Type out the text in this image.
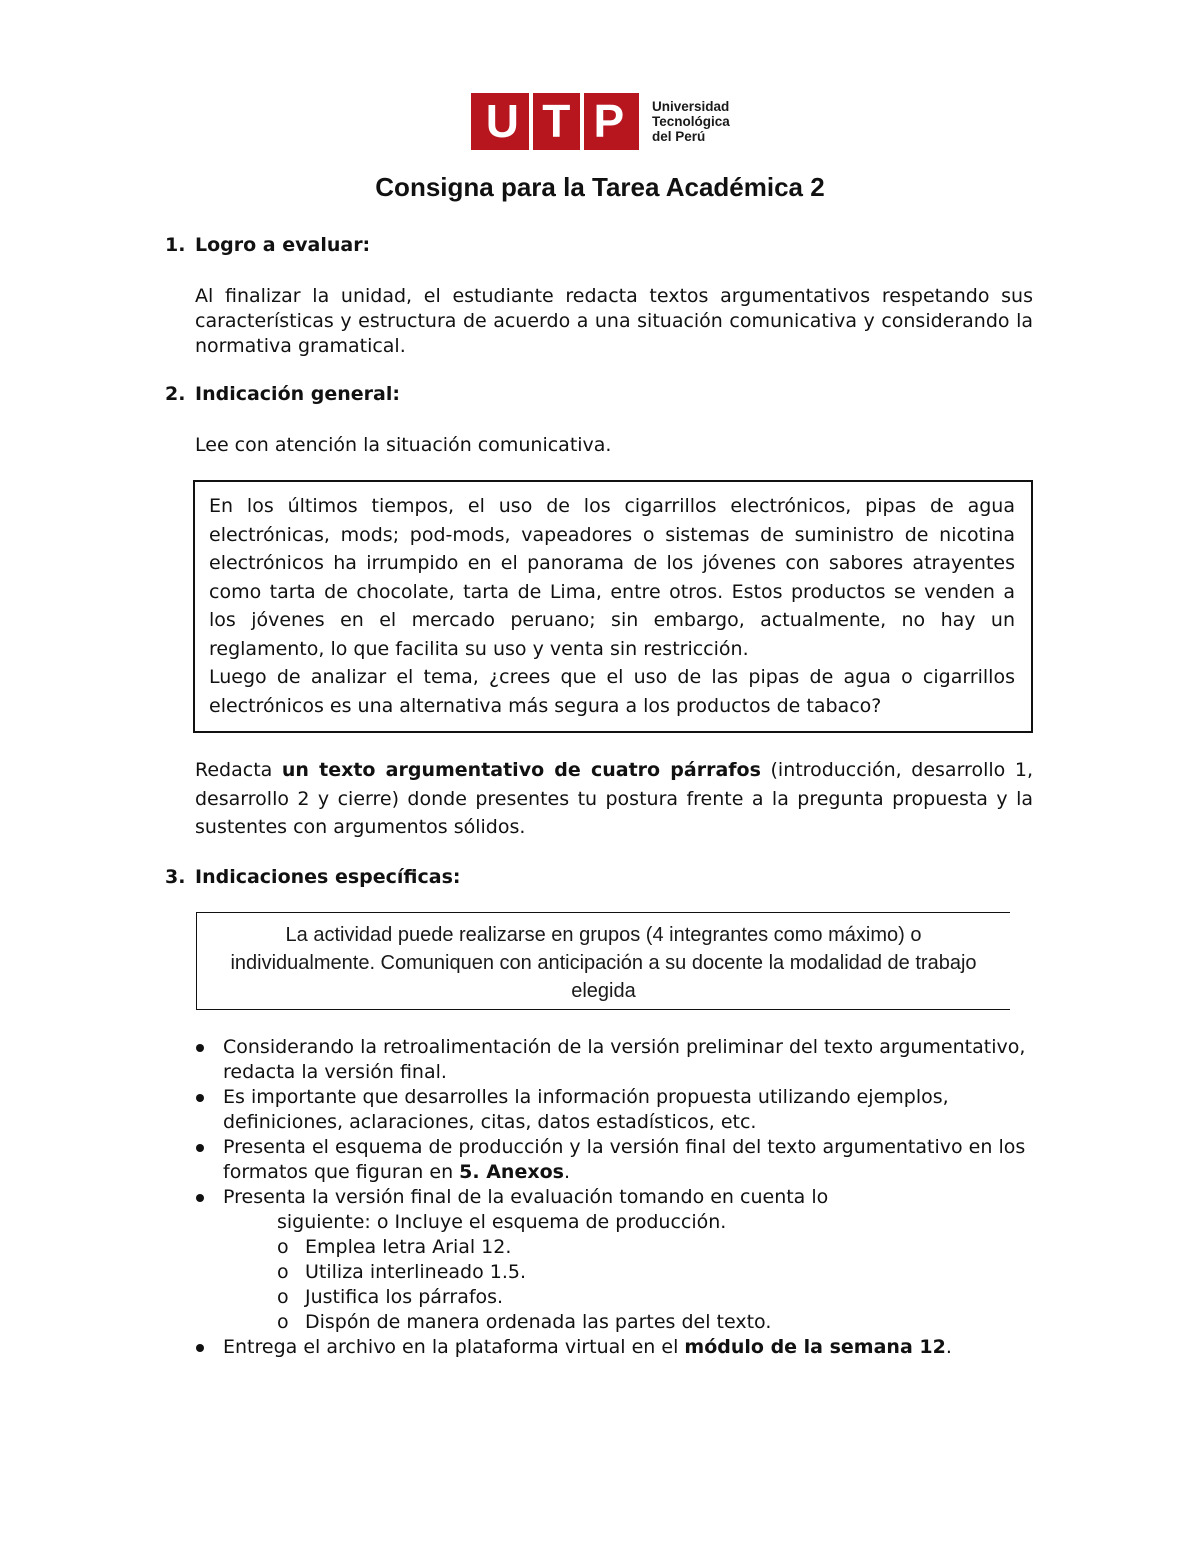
U T P Universidad
Tecnológica
del Perú
Consigna para la Tarea Académica 2
1. Logro a evaluar:
Al finalizar la unidad, el estudiante redacta textos argumentativos respetando sus características y estructura de acuerdo a una situación comunicativa y considerando la normativa gramatical.
2. Indicación general:
Lee con atención la situación comunicativa.

En los últimos tiempos, el uso de los cigarrillos electrónicos, pipas de agua electrónicas, mods; pod-mods, vapeadores o sistemas de suministro de nicotina electrónicos ha irrumpido en el panorama de los jóvenes con sabores atrayentes como tarta de chocolate, tarta de Lima, entre otros. Estos productos se venden a los jóvenes en el mercado peruano; sin embargo, actualmente, no hay un reglamento, lo que facilita su uso y venta sin restricción.

Luego de analizar el tema, ¿crees que el uso de las pipas de agua o cigarrillos electrónicos es una alternativa más segura a los productos de tabaco?

Redacta un texto argumentativo de cuatro párrafos (introducción, desarrollo 1, desarrollo 2 y cierre) donde presentes tu postura frente a la pregunta propuesta y la sustentes con argumentos sólidos.
3. Indicaciones específicas:
La actividad puede realizarse en grupos (4 integrantes como máximo) o individualmente. Comuniquen con anticipación a su docente la modalidad de trabajo elegida
Considerando la retroalimentación de la versión preliminar del texto argumentativo, redacta la versión final.
Es importante que desarrolles la información propuesta utilizando ejemplos, definiciones, aclaraciones, citas, datos estadísticos, etc.
Presenta el esquema de producción y la versión final del texto argumentativo en los formatos que figuran en 5. Anexos.
Presenta la versión final de la evaluación tomando en cuenta lo
siguiente: o Incluye el esquema de producción.
o Emplea letra Arial 12.
o Utiliza interlineado 1.5.
o Justifica los párrafos.
o Dispón de manera ordenada las partes del texto.
Entrega el archivo en la plataforma virtual en el módulo de la semana 12.
